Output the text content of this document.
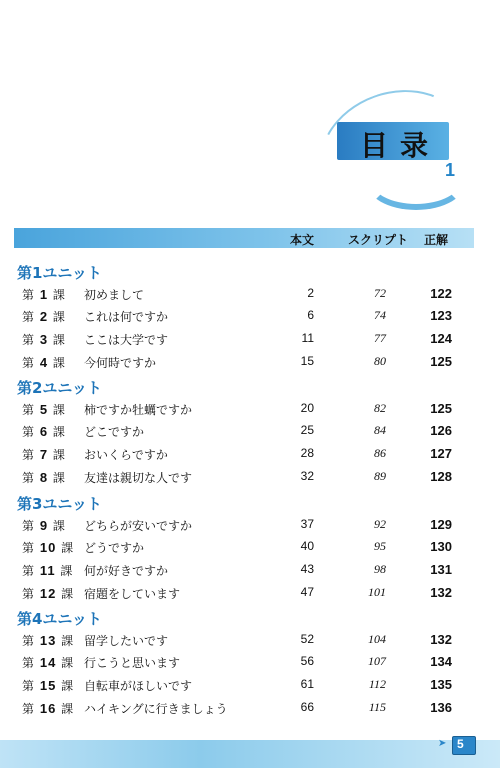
目录
1
本文	スクリプト 正解
第1ユニット
第 1 課 初めまして	2	72	122
第 2 課 これは何ですか	6	74	123
第 3 課 ここは大学です	11	77	124
第 4 課 今何時ですか	15	80	125
第2ユニット
第 5 課 柿ですか牡蠣ですか	20	82	125
第 6 課 どこですか	25	84	126
第 7 課 おいくらですか	28	86	127
第 8 課 友達は親切な人です	32	89	128
第3ユニット
第 9 課 どちらが安いですか	37	92	129
第 10 課 どうですか	40	95	130
第 11 課 何が好きですか	43	98	131
第 12 課 宿題をしています	47	101	132
第4ユニット
第 13 課 留学したいです	52	104	132
第 14 課 行こうと思います	56	107	134
第 15 課 自転車がほしいです	61	112	135
第 16 課 ハイキングに行きましょう	66	115	136
➤ 5
